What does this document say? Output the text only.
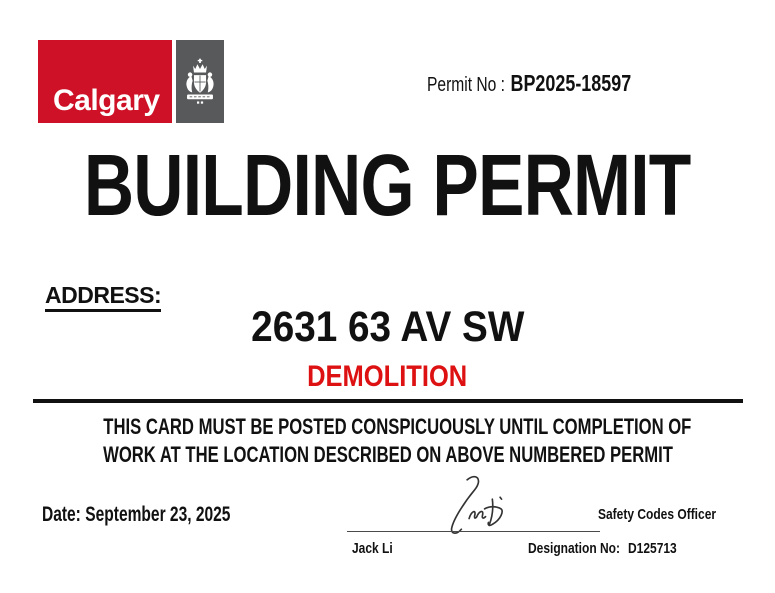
Calgary	Permit No : BP2025-18597
BUILDING PERMIT
ADDRESS:
2631 63 AV SW
DEMOLITION
THIS CARD MUST BE POSTED CONSPICUOUSLY UNTIL COMPLETION OF
WORK AT THE LOCATION DESCRIBED ON ABOVE NUMBERED PERMIT
Date: September 23, 2025	Safety Codes Officer
Jack Li	Designation No: D125713
